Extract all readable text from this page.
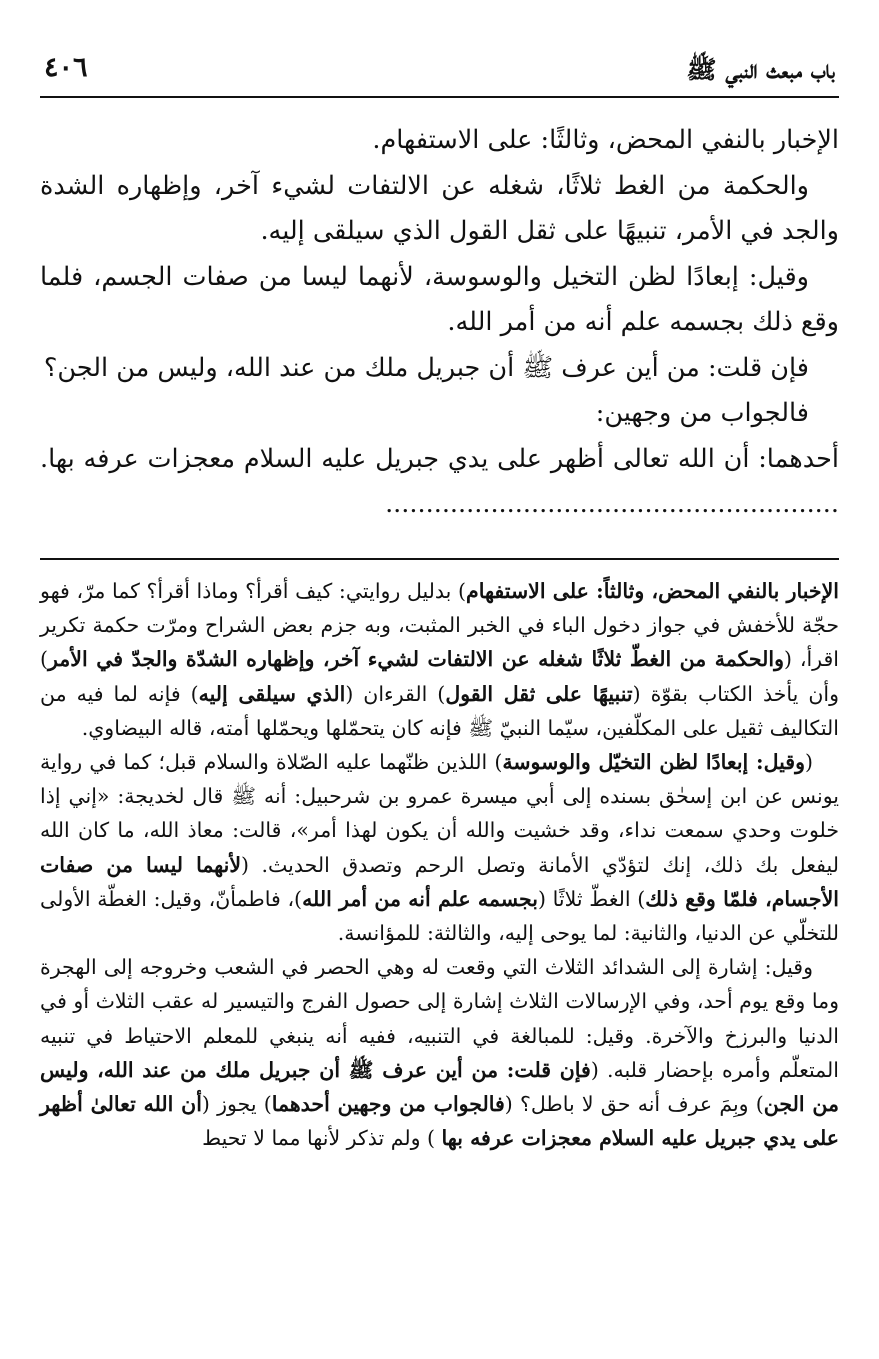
باب مبعث النبي ﷺ
٤٠٦

الإخبار بالنفي المحض، وثالثًا: على الاستفهام.

والحكمة من الغط ثلاثًا، شغله عن الالتفات لشيء آخر، وإظهاره الشدة والجد في الأمر، تنبيهًا على ثقل القول الذي سيلقى إليه.

وقيل: إبعادًا لظن التخيل والوسوسة، لأنهما ليسا من صفات الجسم، فلما وقع ذلك بجسمه علم أنه من أمر الله.

فإن قلت: من أين عرف ﷺ أن جبريل ملك من عند الله، وليس من الجن؟

فالجواب من وجهين:

أحدهما: أن الله تعالى أظهر على يدي جبريل عليه السلام معجزات عرفه بها. ........................................................

الإخبار بالنفي المحض، وثالثاً: على الاستفهام) بدليل روايتي: كيف أقرأ؟ وماذا أقرأ؟ كما مرّ، فهو حجّة للأخفش في جواز دخول الباء في الخبر المثبت، وبه جزم بعض الشراح ومرّت حكمة تكرير اقرأ، (والحكمة من الغطّ ثلاثًا شغله عن الالتفات لشيء آخر، وإظهاره الشدّة والجدّ في الأمر) وأن يأخذ الكتاب بقوّة (تنبيهًا على ثقل القول) القرءان (الذي سيلقى إليه) فإنه لما فيه من التكاليف ثقيل على المكلّفين، سيّما النبيّ ﷺ فإنه كان يتحمّلها ويحمّلها أمته، قاله البيضاوي.

(وقيل: إبعادًا لظن التخيّل والوسوسة) اللذين ظنّهما عليه الصّلاة والسلام قبل؛ كما في رواية يونس عن ابن إسحٰق بسنده إلى أبي ميسرة عمرو بن شرحبيل: أنه ﷺ قال لخديجة: «إني إذا خلوت وحدي سمعت نداء، وقد خشيت والله أن يكون لهذا أمر»، قالت: معاذ الله، ما كان الله ليفعل بك ذلك، إنك لتؤدّي الأمانة وتصل الرحم وتصدق الحديث. (لأنهما ليسا من صفات الأجسام، فلمّا وقع ذلك) الغطّ ثلاثًا (بجسمه علم أنه من أمر الله)، فاطمأنّ، وقيل: الغطّة الأولى للتخلّي عن الدنيا، والثانية: لما يوحى إليه، والثالثة: للمؤانسة.

وقيل: إشارة إلى الشدائد الثلاث التي وقعت له وهي الحصر في الشعب وخروجه إلى الهجرة وما وقع يوم أحد، وفي الإرسالات الثلاث إشارة إلى حصول الفرج والتيسير له عقب الثلاث أو في الدنيا والبرزخ والآخرة. وقيل: للمبالغة في التنبيه، ففيه أنه ينبغي للمعلم الاحتياط في تنبيه المتعلّم وأمره بإحضار قلبه. (فإن قلت: من أين عرف ﷺ أن جبريل ملك من عند الله، وليس من الجن) وبِمَ عرف أنه حق لا باطل؟ (فالجواب من وجهين أحدهما) يجوز (أن الله تعالىٰ أظهر على يدي جبريل عليه السلام معجزات عرفه بها ) ولم تذكر لأنها مما لا تحيط
